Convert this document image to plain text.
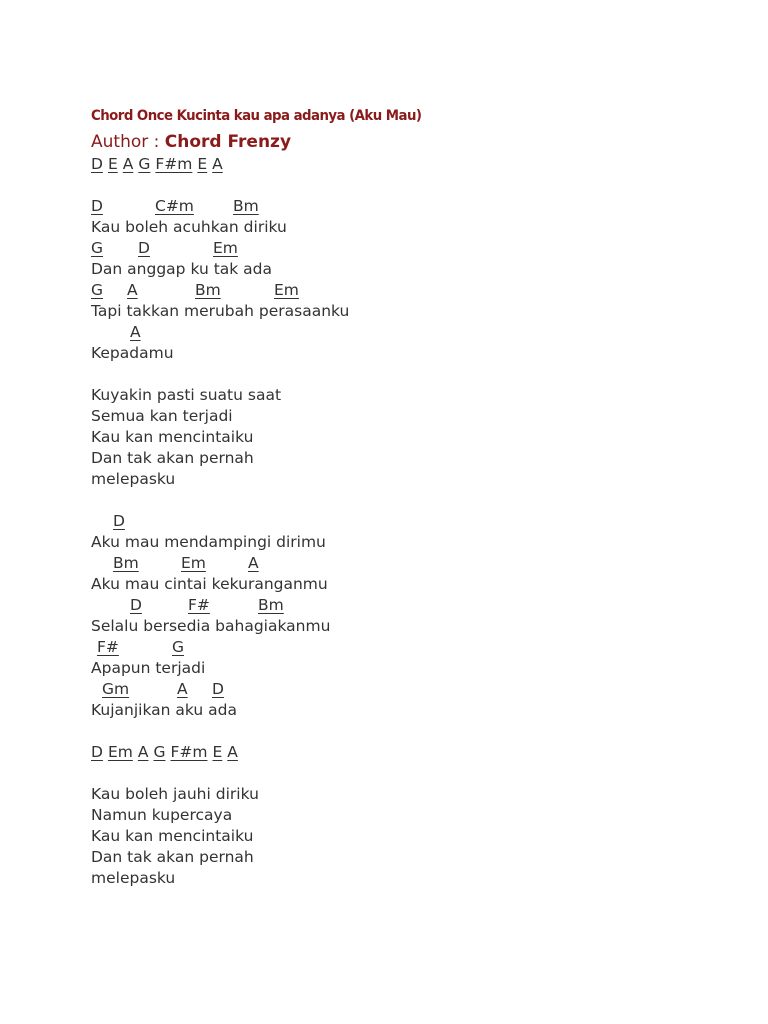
Chord Once Kucinta kau apa adanya (Aku Mau)
Author : Chord Frenzy
D E A G F#m E A
D	C#m	Bm
Kau boleh acuhkan diriku
G D	Em
Dan anggap ku tak ada
G A	Bm	Em
Tapi takkan merubah perasaanku
A
Kepadamu
Kuyakin pasti suatu saat
Semua kan terjadi
Kau kan mencintaiku
Dan tak akan pernah
melepasku
D
Aku mau mendampingi dirimu
Bm	Em	A
Aku mau cintai kekuranganmu
D	F#	Bm
Selalu bersedia bahagiakanmu
F#	G
Apapun terjadi
Gm	A D
Kujanjikan aku ada
D Em A G F#m E A
Kau boleh jauhi diriku
Namun kupercaya
Kau kan mencintaiku
Dan tak akan pernah
melepasku
